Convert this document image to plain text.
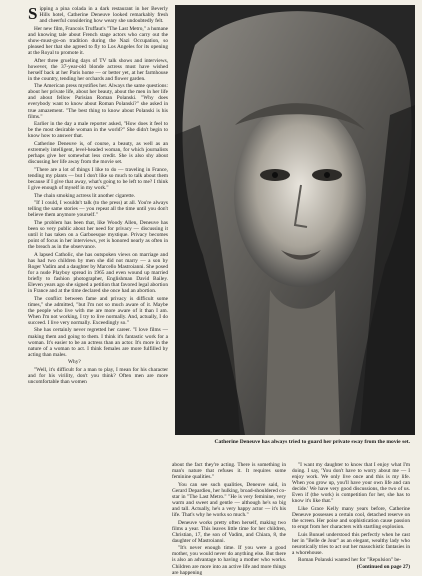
Sipping a pina colada in a dark restaurant in her Beverly Hills hotel, Catherine Deneuve looked remarkably fresh and cheerful considering how weary she undoubtedly felt.

Her new film, Francois Truffaut's "The Last Metro," a humane and knowing tale about French stage actors who carry out the show-must-go-on tradition during the Nazi Occupation, so pleased her that she agreed to fly to Los Angeles for its opening at the Royal to promote it.

After three grueling days of TV talk shows and interviews, however, the 37-year-old blonde actress must have wished herself back at her Paris home — or better yet, at her farmhouse in the country, tending her orchards and flower garden.

The American press mystifies her. Always the same questions: about her private life, about her beauty, about the men in her life and about fellow Parisian Roman Polanski. "Why does everybody want to know about Roman Polanski?" she asked in true amazement. "The best thing to know about Polanski is his films."

Earlier in the day a male reporter asked, "How does it feel to be the most desirable woman in the world?" She didn't begin to know how to answer that.

Catherine Deneuve is, of course, a beauty, as well as an extremely intelligent, level-headed woman, for which journalists perhaps give her somewhat less credit. She is also shy about discussing her life away from the movie set.

"There are a lot of things I like to do — traveling in France, tending my plants — but I don't like so much to talk about them because if I give that away, what's going to be left to me? I think I give enough of myself in my work."

The chain smoking actress lit another cigarette.

"If I could, I wouldn't talk (to the press) at all. You're always telling the same stories — you repeat all the time until you don't believe them anymore yourself."

The problem has been that, like Woody Allen, Deneuve has been so very public about her need for privacy — discussing it until it has taken on a Garboesque mystique. Privacy becomes point of focus in her interviews, yet is honored nearly as often in the breach as in the observance.

A lapsed Catholic, she has outspoken views on marriage and has had two children by men she did not marry — a son by Roger Vadim and a daughter by Marcello Mastroianni. She posed for a nude Playboy spread in 1965 and even wound up married briefly to fashion photographer, Englishman David Bailey. Eleven years ago she signed a petition that favored legal abortion in France and at the time declared she once had an abortion.

The conflict between fame and privacy is difficult some times," she admitted, "but I'm not so much aware of it. Maybe the people who live with me are more aware of it than I am. When I'm not working, I try to live normally. And, actually, I do succeed. I live very normally. Exceedingly so."

She has certainly never regretted her career. "I love films — making them and going to them. I think it's fantastic work for a woman. It's easier to be an actress than an actor. It's more in the nature of a woman to act. I think females are more fulfilled by acting than males.

Why?

"Well, it's difficult for a man to play, I mean for his character and for his virility, don't you think? Often men are more uncomfortable than women

Catherine Deneuve has always tried to guard her private sway from the movie set.

about the fact they're acting. There is something in man's nature that refuses it. It requires some feminine qualities."

You can see such qualities, Deneuve said, in Gerard Depardieu, her hulking, broad-shouldered co-star in "The Last Metro." "He is very feminine, very warm and sweet and gentle — although he's so big and tall. Actually, he's a very happy actor — it's his life. That's why he works so much."

Deneuve works pretty often herself, making two films a year. This leaves little time for her children, Christian, 17, the son of Vadim, and Chiara, 8, the daughter of Mastroianni.

"It's never enough time. If you were a good mother, you would never do anything else. But there is also an advantage to having a mother who works. Children are more into an active life and more things are happening

"I want my daughter to know that I enjoy what I'm doing. I say, 'You don't have to worry about me — I enjoy work. We only live once and this is my life. When you grow up, you'll have your own life and can decide.' We have very good discussions, the two of us. Even if (the work) is competition for her, she has to know it's like that."

Like Grace Kelly many years before, Catherine Deneuve possesses a certain cool, detached reserve on the screen. Her poise and sophistication cause passion to erupt from her characters with startling explosion.

Luis Bunuel understood this perfectly when he cast her in "Belle de Jour" as an elegant, wealthy lady who neurotically tries to act out her masochistic fantasies in a whorehouse.

Roman Polanski wanted her for "Repulsion" be-

(Continued on page 27)
